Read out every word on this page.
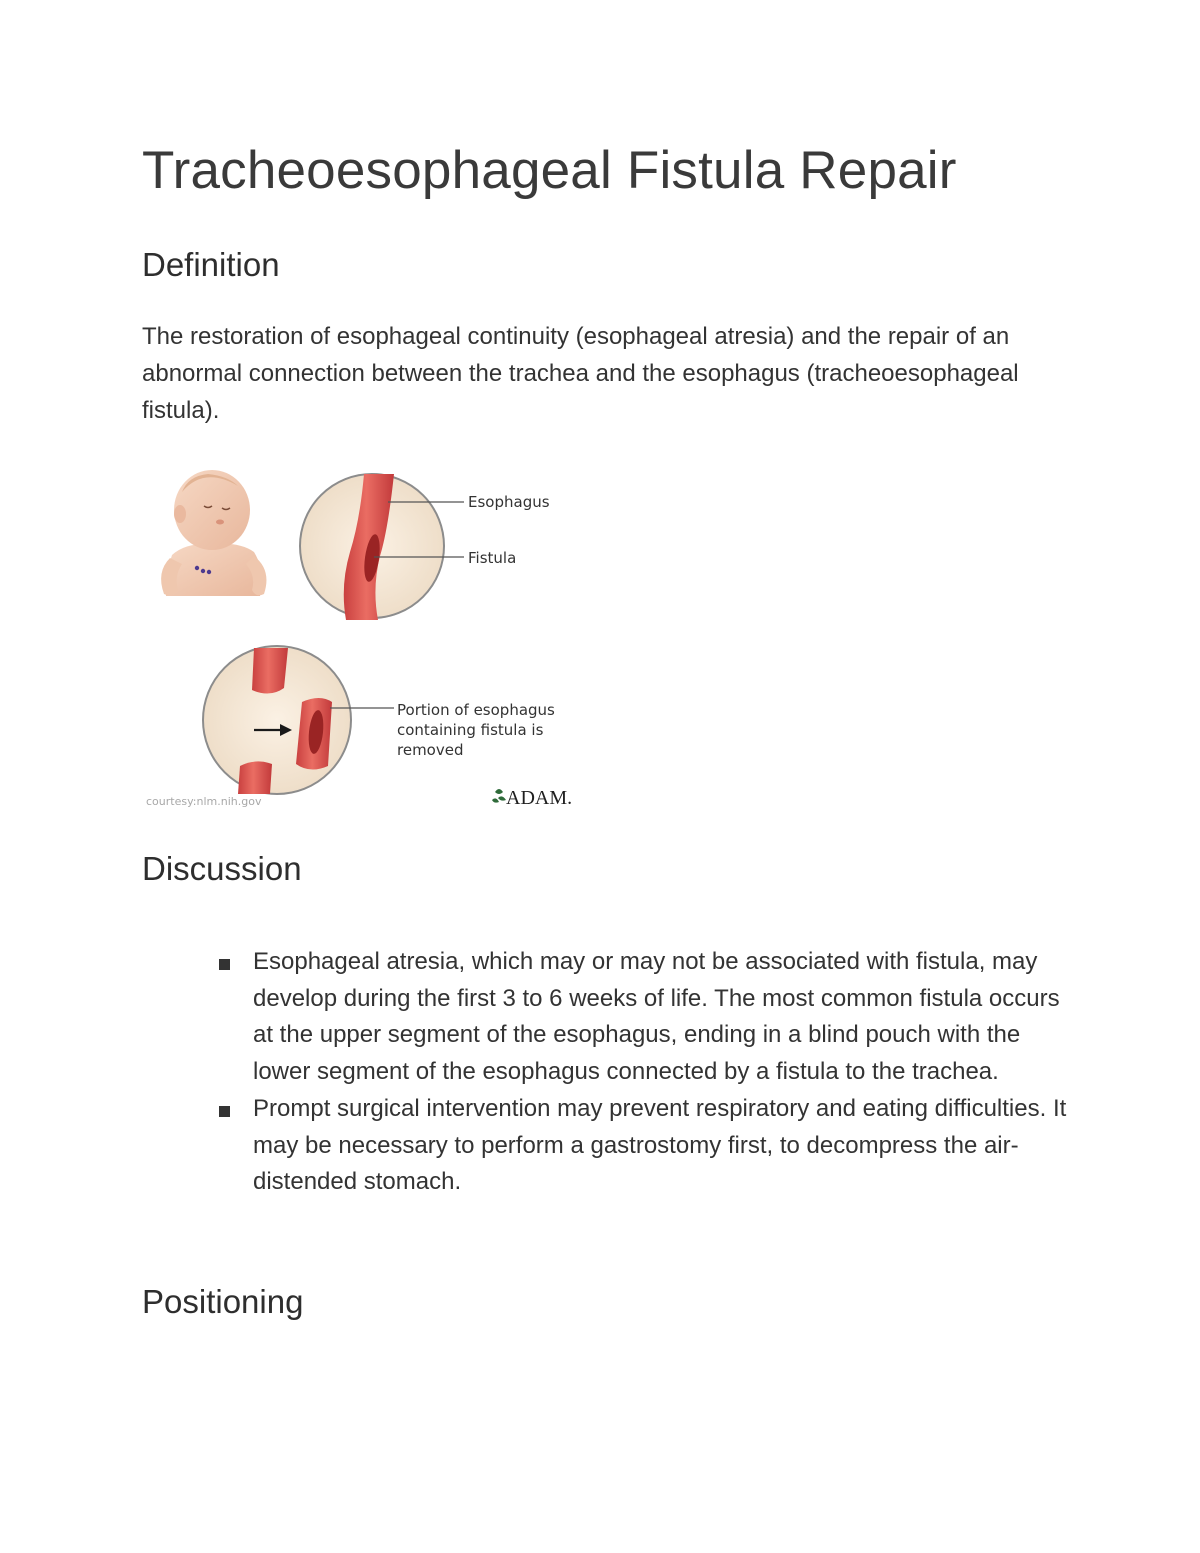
Tracheoesophageal Fistula Repair
Definition

The restoration of esophageal continuity (esophageal atresia) and the repair of an abnormal connection between the trachea and the esophagus (tracheoesophageal fistula).

Esophagus
Fistula
Portion of esophagus
containing fistula is
removed
courtesy:nlm.nih.gov	ADAM.
Discussion
Esophageal atresia, which may or may not be associated with fistula, may develop during the first 3 to 6 weeks of life. The most common fistula occurs at the upper segment of the esophagus, ending in a blind pouch with the lower segment of the esophagus connected by a fistula to the trachea.
Prompt surgical intervention may prevent respiratory and eating difficulties. It may be necessary to perform a gastrostomy first, to decompress the air-distended stomach.
Positioning
